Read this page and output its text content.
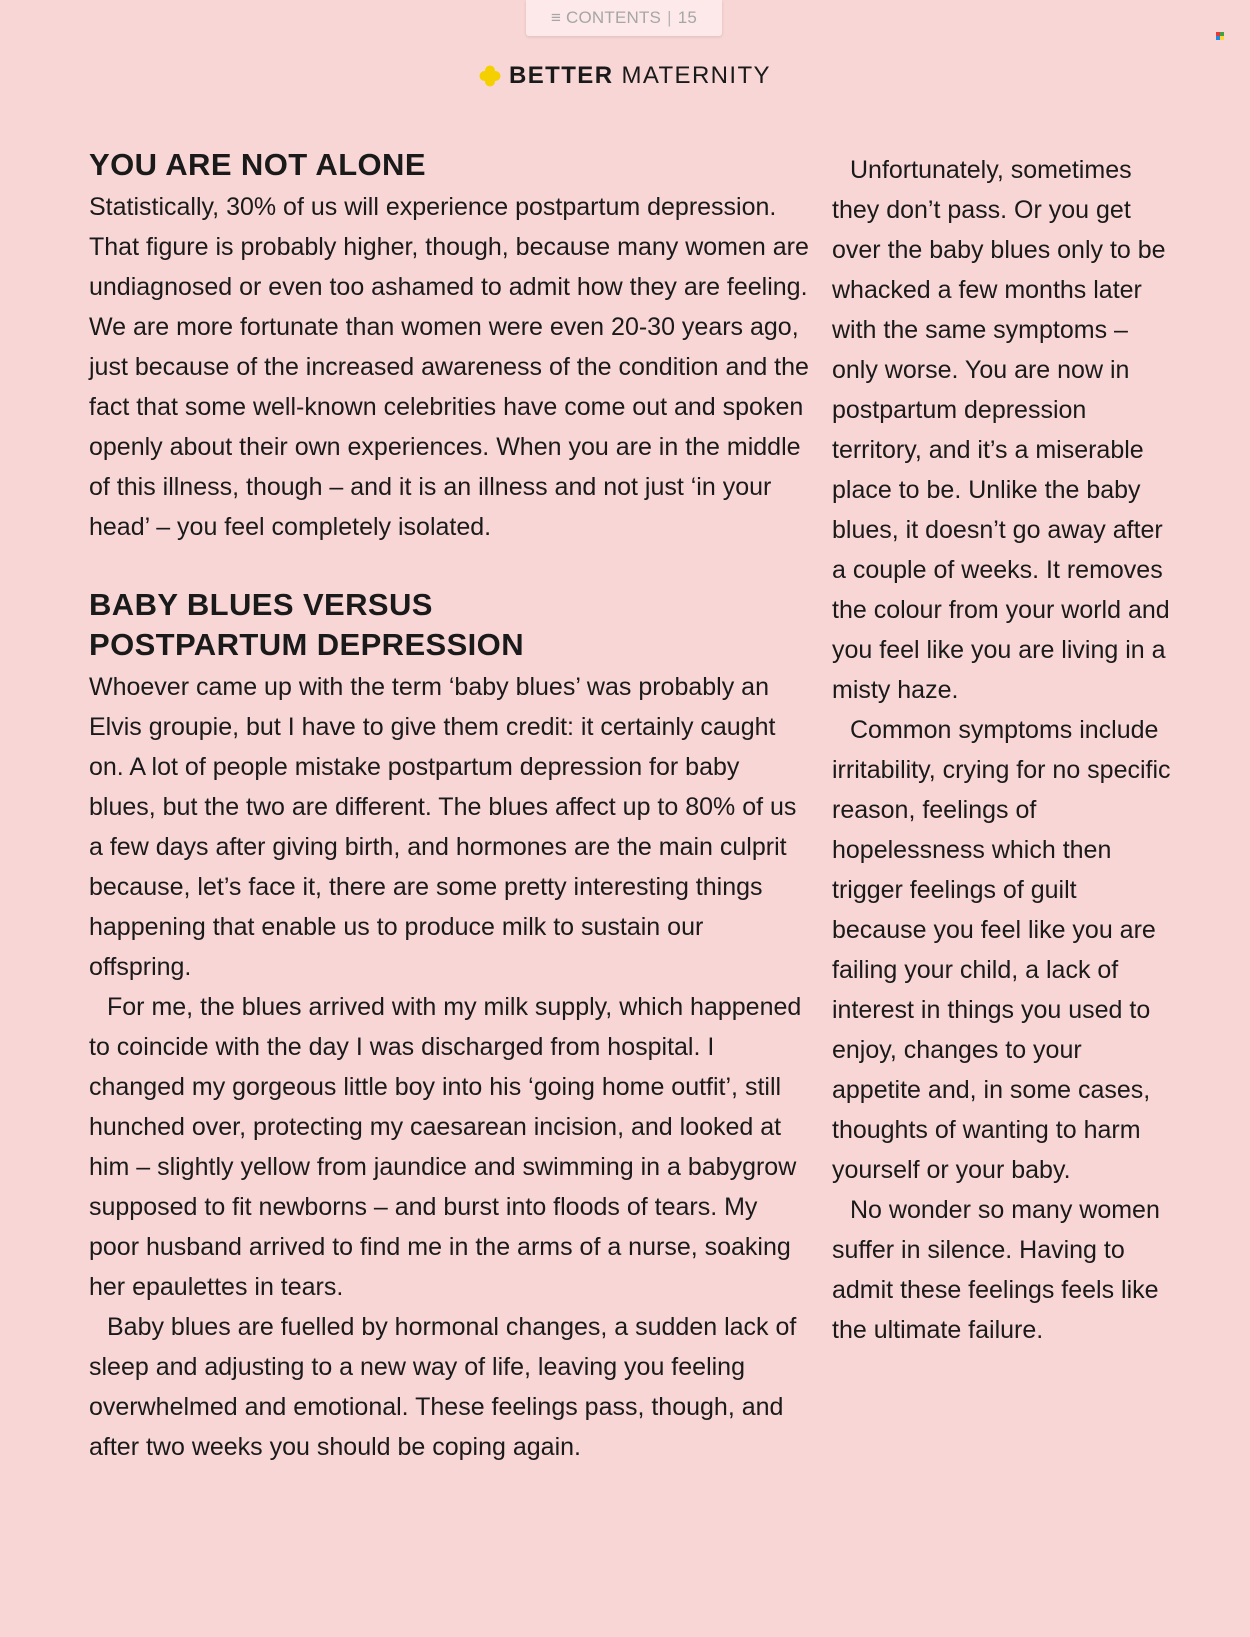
≡ CONTENTS | 15
BETTER MATERNITY
YOU ARE NOT ALONE

Statistically, 30% of us will experience postpartum depression. That figure is probably higher, though, because many women are undiagnosed or even too ashamed to admit how they are feeling. We are more fortunate than women were even 20-30 years ago, just because of the increased awareness of the condition and the fact that some well-known celebrities have come out and spoken openly about their own experiences. When you are in the middle of this illness, though – and it is an illness and not just ‘in your head’ – you feel completely isolated.

BABY BLUES VERSUS
POSTPARTUM DEPRESSION

Whoever came up with the term ‘baby blues’ was probably an Elvis groupie, but I have to give them credit: it certainly caught on. A lot of people mistake postpartum depression for baby blues, but the two are different. The blues affect up to 80% of us a few days after giving birth, and hormones are the main culprit because, let’s face it, there are some pretty interesting things happening that enable us to produce milk to sustain our offspring.

For me, the blues arrived with my milk supply, which happened to coincide with the day I was discharged from hospital. I changed my gorgeous little boy into his ‘going home outfit’, still hunched over, protecting my caesarean incision, and looked at him – slightly yellow from jaundice and swimming in a babygrow supposed to fit newborns – and burst into floods of tears. My poor husband arrived to find me in the arms of a nurse, soaking her epaulettes in tears.

Baby blues are fuelled by hormonal changes, a sudden lack of sleep and adjusting to a new way of life, leaving you feeling overwhelmed and emotional. These feelings pass, though, and after two weeks you should be coping again.

Unfortunately, sometimes they don’t pass. Or you get over the baby blues only to be whacked a few months later with the same symptoms – only worse. You are now in postpartum depression territory, and it’s a miserable place to be. Unlike the baby blues, it doesn’t go away after a couple of weeks. It removes the colour from your world and you feel like you are living in a misty haze.

Common symptoms include irritability, crying for no specific reason, feelings of hopelessness which then trigger feelings of guilt because you feel like you are failing your child, a lack of interest in things you used to enjoy, changes to your appetite and, in some cases, thoughts of wanting to harm yourself or your baby.

No wonder so many women suffer in silence. Having to admit these feelings feels like the ultimate failure.
